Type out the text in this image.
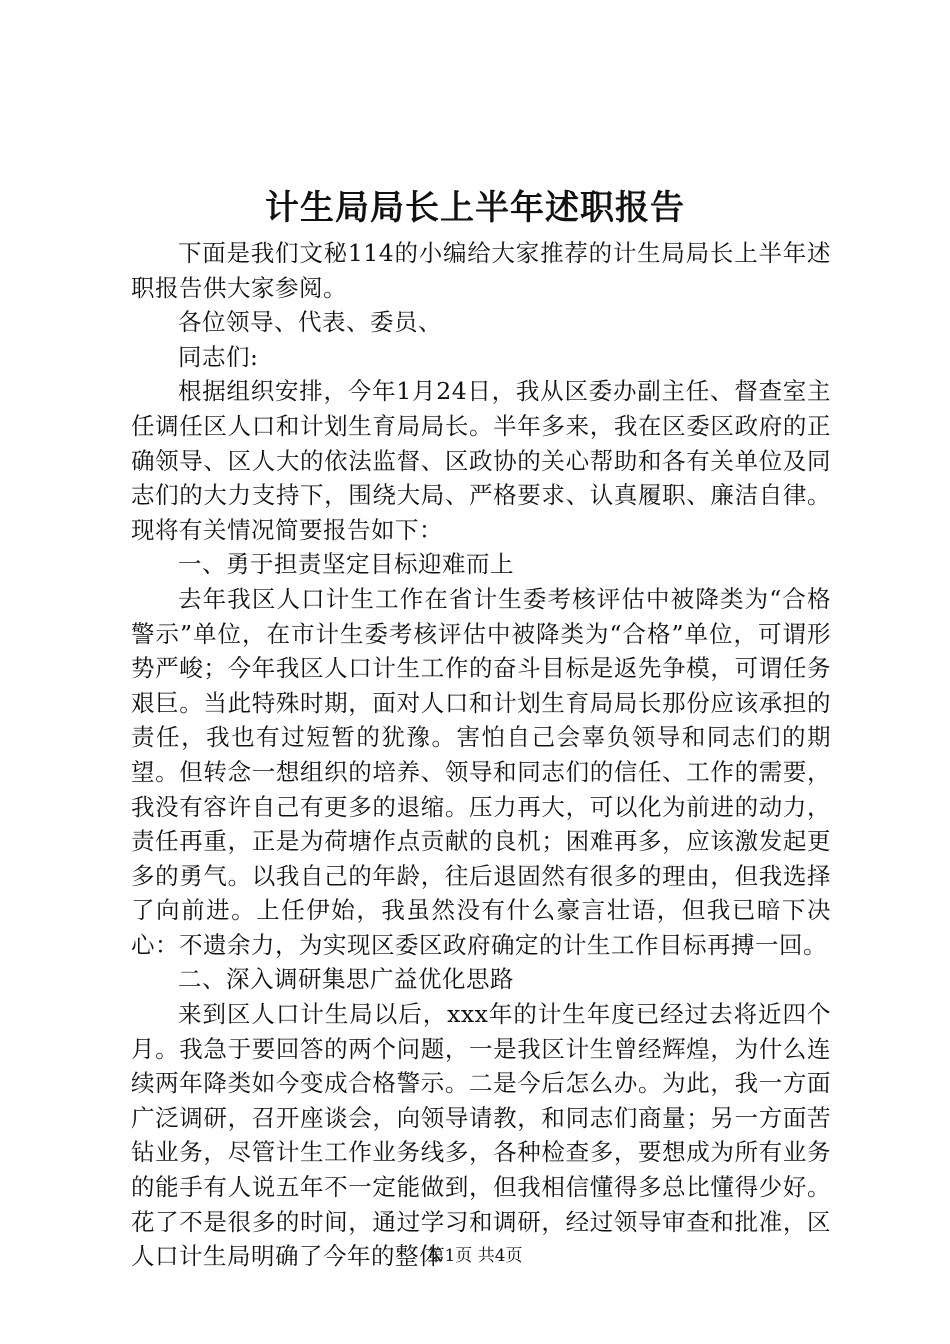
计生局局长上半年述职报告

下面是我们文秘114的小编给大家推荐的计生局局长上半年述职报告供大家参阅。

各位领导、代表、委员、

同志们:

根据组织安排，今年1月24日，我从区委办副主任、督查室主任调任区人口和计划生育局局长。半年多来，我在区委区政府的正确领导、区人大的依法监督、区政协的关心帮助和各有关单位及同志们的大力支持下，围绕大局、严格要求、认真履职、廉洁自律。现将有关情况简要报告如下：

一、勇于担责坚定目标迎难而上

去年我区人口计生工作在省计生委考核评估中被降类为“合格警示”单位，在市计生委考核评估中被降类为“合格”单位，可谓形势严峻；今年我区人口计生工作的奋斗目标是返先争模，可谓任务艰巨。当此特殊时期，面对人口和计划生育局局长那份应该承担的责任，我也有过短暂的犹豫。害怕自己会辜负领导和同志们的期望。但转念一想组织的培养、领导和同志们的信任、工作的需要，我没有容许自己有更多的退缩。压力再大，可以化为前进的动力，责任再重，正是为荷塘作点贡献的良机；困难再多，应该激发起更多的勇气。以我自己的年龄，往后退固然有很多的理由，但我选择了向前进。上任伊始，我虽然没有什么豪言壮语，但我已暗下决心：不遗余力，为实现区委区政府确定的计生工作目标再搏一回。

二、深入调研集思广益优化思路

来到区人口计生局以后，xxx年的计生年度已经过去将近四个月。我急于要回答的两个问题，一是我区计生曾经辉煌，为什么连续两年降类如今变成合格警示。二是今后怎么办。为此，我一方面广泛调研，召开座谈会，向领导请教，和同志们商量；另一方面苦钻业务，尽管计生工作业务线多，各种检查多，要想成为所有业务的能手有人说五年不一定能做到，但我相信懂得多总比懂得少好。花了不是很多的时间，通过学习和调研，经过领导审查和批准，区人口计生局明确了今年的整体

第1页 共4页
